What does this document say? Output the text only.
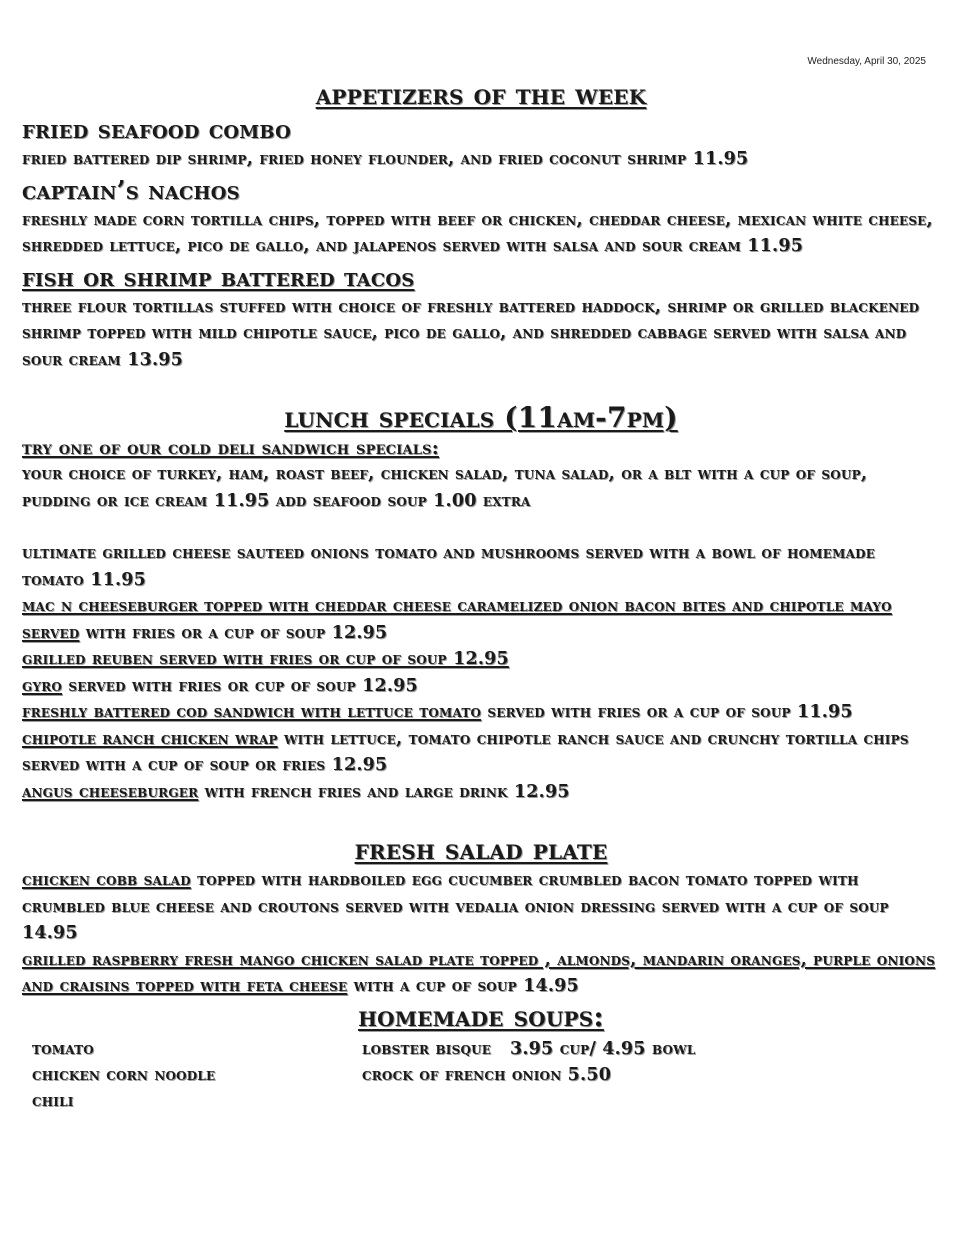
Wednesday, April 30, 2025
appetizers of the week
fried seafood combo

fried battered dip shrimp, fried honey flounder, and fried coconut shrimp 11.95

captain’s nachos

freshly made corn tortilla chips, topped with beef or chicken, cheddar cheese, mexican white cheese, shredded lettuce, pico de gallo, and jalapenos served with salsa and sour cream 11.95

fish or shrimp battered tacos

three flour tortillas stuffed with choice of freshly battered haddock, shrimp or grilled blackened shrimp topped with mild chipotle sauce, pico de gallo, and shredded cabbage served with salsa and sour cream 13.95

lunch specials (11am-7pm)

try one of our cold deli sandwich specials:

your choice of turkey, ham, roast beef, chicken salad, tuna salad, or a blt with a cup of soup, pudding or ice cream 11.95 add seafood soup 1.00 extra

ultimate grilled cheese sauteed onions tomato and mushrooms served with a bowl of homemade tomato 11.95

mac n cheeseburger topped with cheddar cheese caramelized onion bacon bites and chipotle mayo served with fries or a cup of soup 12.95

grilled reuben served with fries or cup of soup 12.95

gyro served with fries or cup of soup 12.95

freshly battered cod sandwich with lettuce tomato served with fries or a cup of soup 11.95

chipotle ranch chicken wrap with lettuce, tomato chipotle ranch sauce and crunchy tortilla chips served with a cup of soup or fries 12.95

angus cheeseburger with french fries and large drink 12.95

fresh salad plate

chicken cobb salad topped with hardboiled egg cucumber crumbled bacon tomato topped with crumbled blue cheese and croutons served with vedalia onion dressing served with a cup of soup 14.95

grilled raspberry fresh mango chicken salad plate topped , almonds, mandarin oranges, purple onions and craisins topped with feta cheese with a cup of soup 14.95

homemade soups:
tomato
chicken corn noodle
chili
lobster bisque   3.95 cup/ 4.95 bowl
crock of french onion 5.50
